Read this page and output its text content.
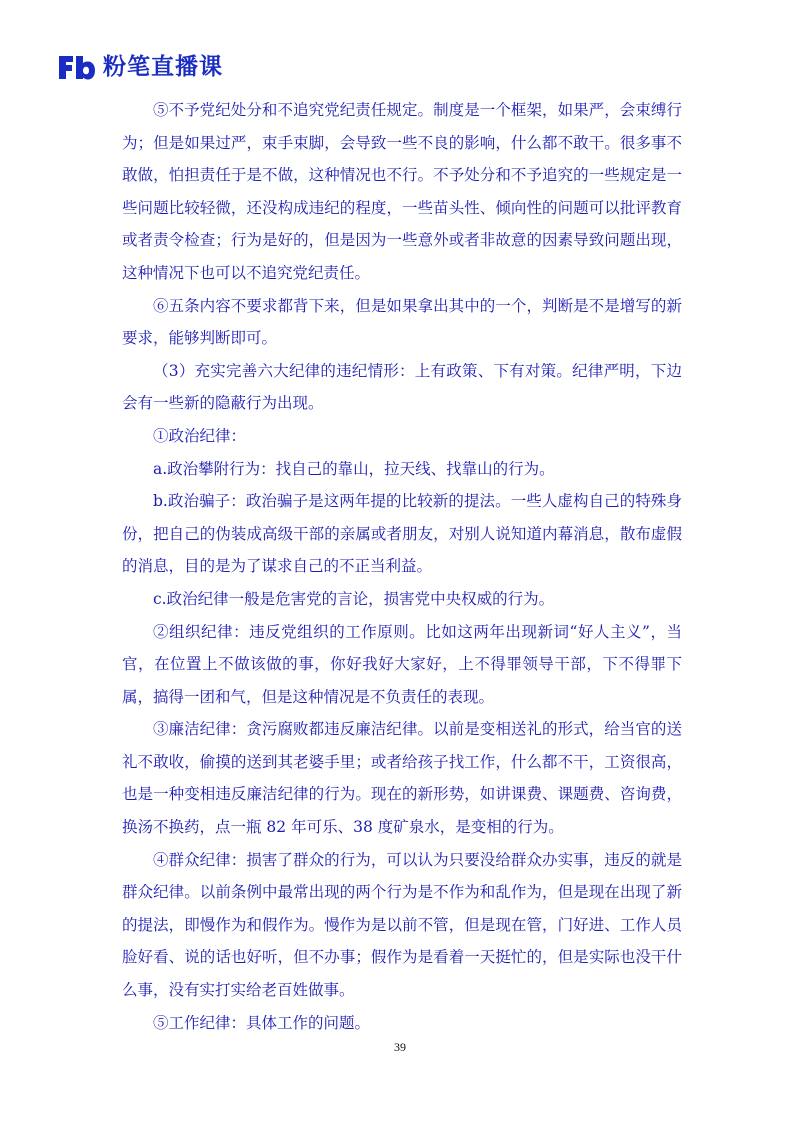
粉笔直播课

⑤不予党纪处分和不追究党纪责任规定。制度是一个框架，如果严，会束缚行为；但是如果过严，束手束脚，会导致一些不良的影响，什么都不敢干。很多事不敢做，怕担责任于是不做，这种情况也不行。不予处分和不予追究的一些规定是一些问题比较轻微，还没构成违纪的程度，一些苗头性、倾向性的问题可以批评教育或者责令检查；行为是好的，但是因为一些意外或者非故意的因素导致问题出现，这种情况下也可以不追究党纪责任。

⑥五条内容不要求都背下来，但是如果拿出其中的一个，判断是不是增写的新要求，能够判断即可。

（3）充实完善六大纪律的违纪情形：上有政策、下有对策。纪律严明，下边会有一些新的隐蔽行为出现。

①政治纪律：

a.政治攀附行为：找自己的靠山，拉天线、找靠山的行为。

b.政治骗子：政治骗子是这两年提的比较新的提法。一些人虚构自己的特殊身份，把自己的伪装成高级干部的亲属或者朋友，对别人说知道内幕消息，散布虚假的消息，目的是为了谋求自己的不正当利益。

c.政治纪律一般是危害党的言论，损害党中央权威的行为。

②组织纪律：违反党组织的工作原则。比如这两年出现新词“好人主义”，当官，在位置上不做该做的事，你好我好大家好，上不得罪领导干部，下不得罪下属，搞得一团和气，但是这种情况是不负责任的表现。

③廉洁纪律：贪污腐败都违反廉洁纪律。以前是变相送礼的形式，给当官的送礼不敢收，偷摸的送到其老婆手里；或者给孩子找工作，什么都不干，工资很高，也是一种变相违反廉洁纪律的行为。现在的新形势，如讲课费、课题费、咨询费，换汤不换药，点一瓶 82 年可乐、38 度矿泉水，是变相的行为。

④群众纪律：损害了群众的行为，可以认为只要没给群众办实事，违反的就是群众纪律。以前条例中最常出现的两个行为是不作为和乱作为，但是现在出现了新的提法，即慢作为和假作为。慢作为是以前不管，但是现在管，门好进、工作人员脸好看、说的话也好听，但不办事；假作为是看着一天挺忙的，但是实际也没干什么事，没有实打实给老百姓做事。

⑤工作纪律：具体工作的问题。

39
